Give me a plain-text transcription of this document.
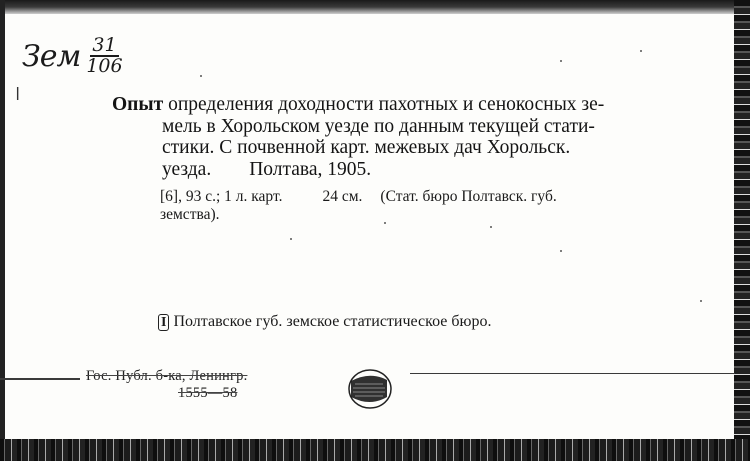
Зем $\frac{31}{106}$
ǀ	Опыт определения доходности пахотных и сенокосных зе-
мель в Хорольском уезде по данным текущей стати-
стики. С почвенной карт. межевых дач Хорольск.
уезда. Полтава, 1905.
[6], 93 с.; 1 л. карт.	24 см. (Стат. бюро Полтавск. губ.
земства).
I Полтавское губ. земское статистическое бюро.
Гос. Публ. б-ка, Ленингр.
1555—58
